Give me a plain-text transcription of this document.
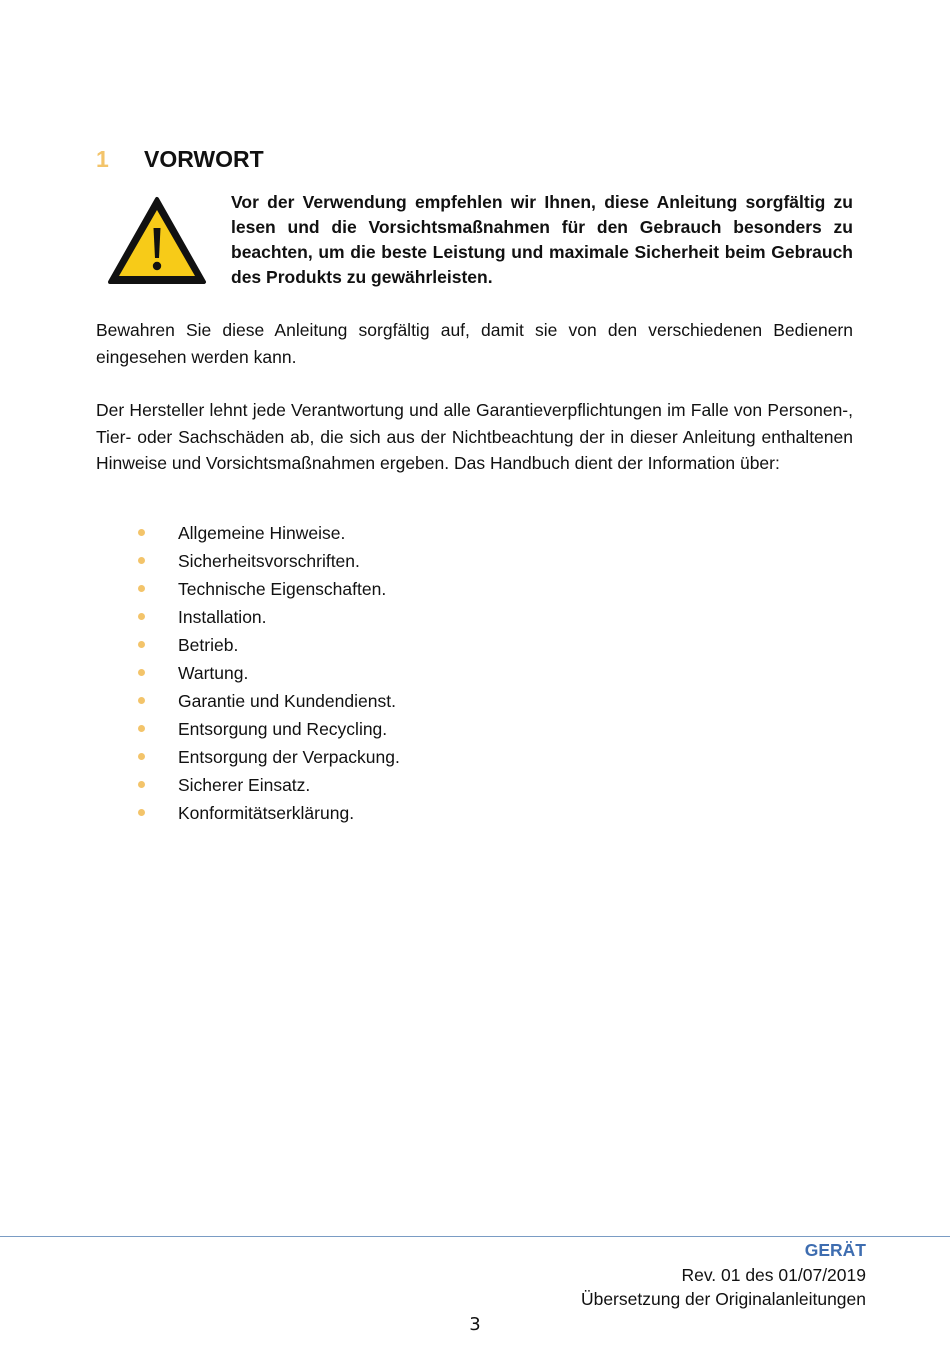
1	VORWORT
Vor der Verwendung empfehlen wir Ihnen, diese Anleitung sorgfältig zu lesen und die Vorsichtsmaßnahmen für den Gebrauch besonders zu beachten, um die beste Leistung und maximale Sicherheit beim Gebrauch des Produkts zu gewährleisten.
Bewahren Sie diese Anleitung sorgfältig auf, damit sie von den verschiedenen Bedienern eingesehen werden kann.
Der Hersteller lehnt jede Verantwortung und alle Garantieverpflichtungen im Falle von Personen-, Tier- oder Sachschäden ab, die sich aus der Nichtbeachtung der in dieser Anleitung enthaltenen Hinweise und Vorsichtsmaßnahmen ergeben. Das Handbuch dient der Information über:
Allgemeine Hinweise.
Sicherheitsvorschriften.
Technische Eigenschaften.
Installation.
Betrieb.
Wartung.
Garantie und Kundendienst.
Entsorgung und Recycling.
Entsorgung der Verpackung.
Sicherer Einsatz.
Konformitätserklärung.
GERÄT
Rev. 01 des 01/07/2019
Übersetzung der Originalanleitungen
3
